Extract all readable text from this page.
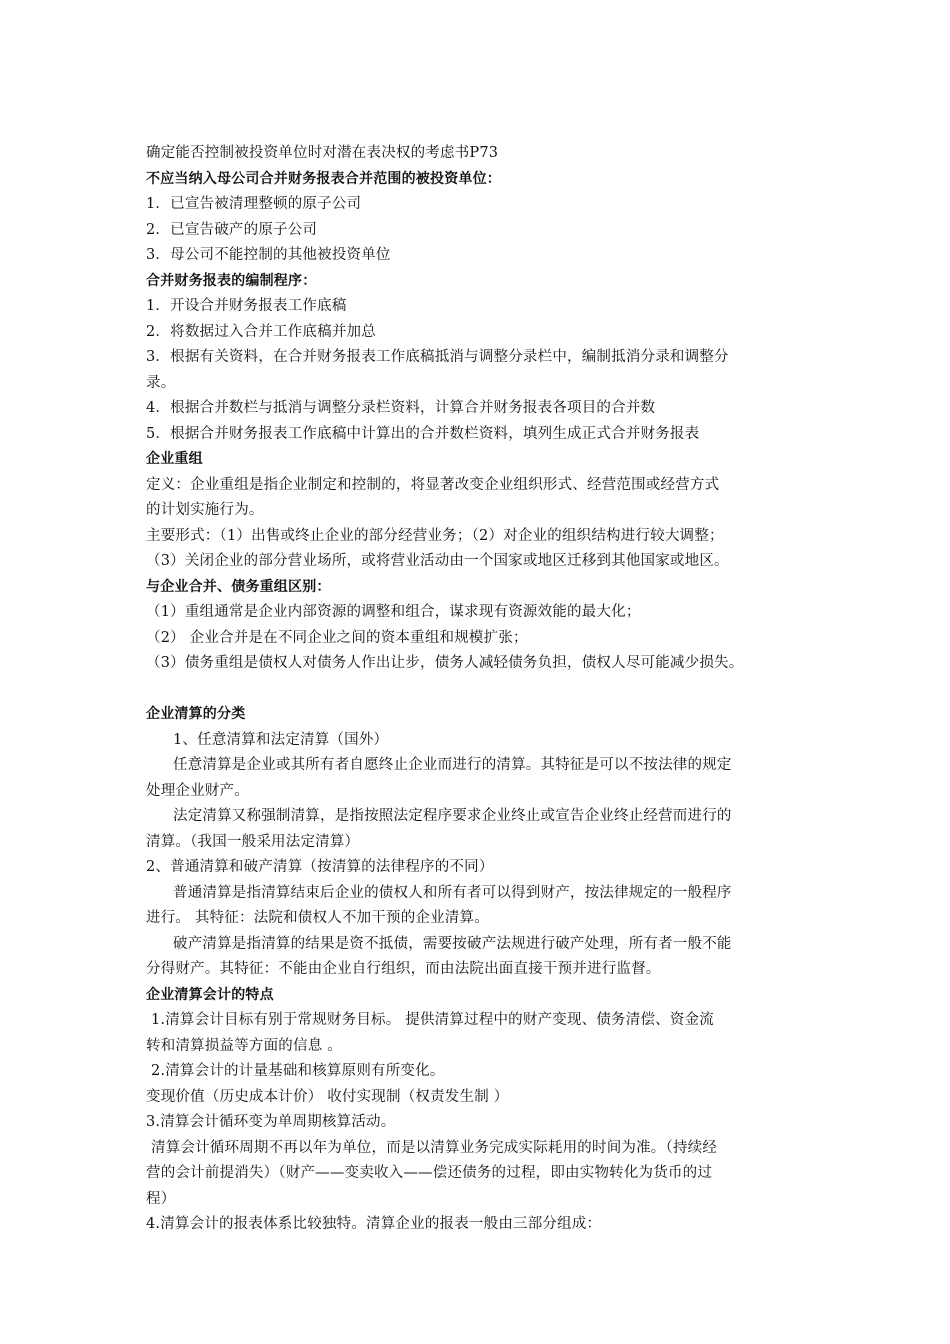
确定能否控制被投资单位时对潜在表决权的考虑书P73
不应当纳入母公司合并财务报表合并范围的被投资单位：
1．已宣告被清理整顿的原子公司
2．已宣告破产的原子公司
3．母公司不能控制的其他被投资单位
合并财务报表的编制程序：
1．开设合并财务报表工作底稿
2．将数据过入合并工作底稿并加总
3．根据有关资料，在合并财务报表工作底稿抵消与调整分录栏中，编制抵消分录和调整分
录。
4．根据合并数栏与抵消与调整分录栏资料，计算合并财务报表各项目的合并数
5．根据合并财务报表工作底稿中计算出的合并数栏资料，填列生成正式合并财务报表
企业重组
定义：企业重组是指企业制定和控制的，将显著改变企业组织形式、经营范围或经营方式
的计划实施行为。
主要形式：（1）出售或终止企业的部分经营业务；（2）对企业的组织结构进行较大调整；
（3）关闭企业的部分营业场所，或将营业活动由一个国家或地区迁移到其他国家或地区。
与企业合并、债务重组区别：
（1）重组通常是企业内部资源的调整和组合，谋求现有资源效能的最大化；
（2） 企业合并是在不同企业之间的资本重组和规模扩张；
（3）债务重组是债权人对债务人作出让步，债务人减轻债务负担，债权人尽可能减少损失。
企业清算的分类
1、任意清算和法定清算（国外）
任意清算是企业或其所有者自愿终止企业而进行的清算。其特征是可以不按法律的规定
处理企业财产。
法定清算又称强制清算，是指按照法定程序要求企业终止或宣告企业终止经营而进行的
清算。（我国一般采用法定清算）
2、普通清算和破产清算（按清算的法律程序的不同）
普通清算是指清算结束后企业的债权人和所有者可以得到财产，按法律规定的一般程序
进行。 其特征：法院和债权人不加干预的企业清算。
破产清算是指清算的结果是资不抵债，需要按破产法规进行破产处理，所有者一般不能
分得财产。其特征：不能由企业自行组织，而由法院出面直接干预并进行监督。
企业清算会计的特点
1.清算会计目标有别于常规财务目标。 提供清算过程中的财产变现、债务清偿、资金流
转和清算损益等方面的信息 。
2.清算会计的计量基础和核算原则有所变化。
变现价值（历史成本计价） 收付实现制（权责发生制 ）
3.清算会计循环变为单周期核算活动。
清算会计循环周期不再以年为单位，而是以清算业务完成实际耗用的时间为准。（持续经
营的会计前提消失）（财产——变卖收入——偿还债务的过程，即由实物转化为货币的过
程）
4.清算会计的报表体系比较独特。清算企业的报表一般由三部分组成：
